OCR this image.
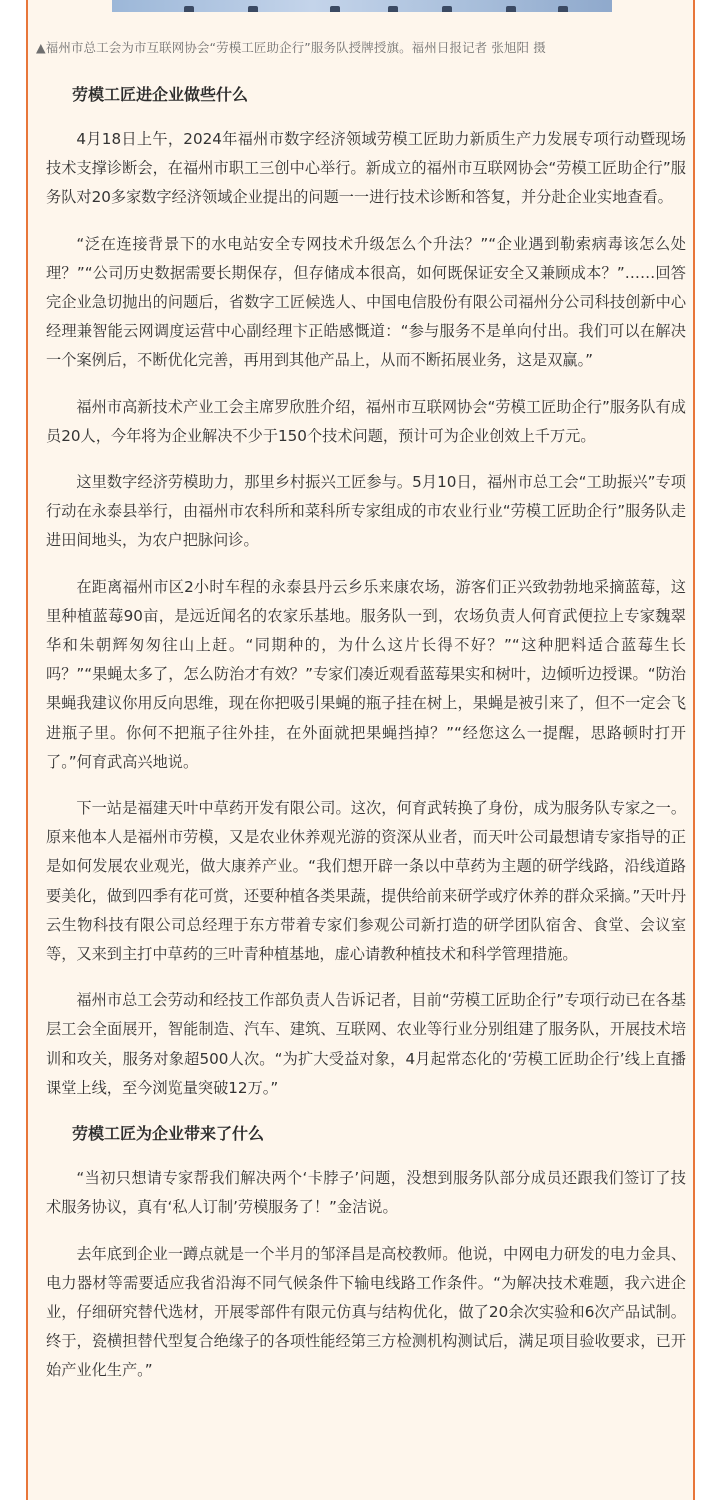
▲福州市总工会为市互联网协会“劳模工匠助企行”服务队授牌授旗。福州日报记者 张旭阳 摄
劳模工匠进企业做些什么

4月18日上午，2024年福州市数字经济领域劳模工匠助力新质生产力发展专项行动暨现场技术支撑诊断会，在福州市职工三创中心举行。新成立的福州市互联网协会“劳模工匠助企行”服务队对20多家数字经济领域企业提出的问题一一进行技术诊断和答复，并分赴企业实地查看。

“泛在连接背景下的水电站安全专网技术升级怎么个升法？”“企业遇到勒索病毒该怎么处理？”“公司历史数据需要长期保存，但存储成本很高，如何既保证安全又兼顾成本？”……回答完企业急切抛出的问题后，省数字工匠候选人、中国电信股份有限公司福州分公司科技创新中心经理兼智能云网调度运营中心副经理卞正皓感慨道：“参与服务不是单向付出。我们可以在解决一个案例后，不断优化完善，再用到其他产品上，从而不断拓展业务，这是双赢。”

福州市高新技术产业工会主席罗欣胜介绍，福州市互联网协会“劳模工匠助企行”服务队有成员20人，今年将为企业解决不少于150个技术问题，预计可为企业创效上千万元。

这里数字经济劳模助力，那里乡村振兴工匠参与。5月10日，福州市总工会“工助振兴”专项行动在永泰县举行，由福州市农科所和菜科所专家组成的市农业行业“劳模工匠助企行”服务队走进田间地头，为农户把脉问诊。

在距离福州市区2小时车程的永泰县丹云乡乐来康农场，游客们正兴致勃勃地采摘蓝莓，这里种植蓝莓90亩，是远近闻名的农家乐基地。服务队一到，农场负责人何育武便拉上专家魏翠华和朱朝辉匆匆往山上赶。“同期种的，为什么这片长得不好？”“这种肥料适合蓝莓生长吗？”“果蝇太多了，怎么防治才有效？”专家们凑近观看蓝莓果实和树叶，边倾听边授课。“防治果蝇我建议你用反向思维，现在你把吸引果蝇的瓶子挂在树上，果蝇是被引来了，但不一定会飞进瓶子里。你何不把瓶子往外挂，在外面就把果蝇挡掉？”“经您这么一提醒，思路顿时打开了。”何育武高兴地说。

下一站是福建天叶中草药开发有限公司。这次，何育武转换了身份，成为服务队专家之一。原来他本人是福州市劳模，又是农业休养观光游的资深从业者，而天叶公司最想请专家指导的正是如何发展农业观光，做大康养产业。“我们想开辟一条以中草药为主题的研学线路，沿线道路要美化，做到四季有花可赏，还要种植各类果蔬，提供给前来研学或疗休养的群众采摘。”天叶丹云生物科技有限公司总经理于东方带着专家们参观公司新打造的研学团队宿舍、食堂、会议室等，又来到主打中草药的三叶青种植基地，虚心请教种植技术和科学管理措施。

福州市总工会劳动和经技工作部负责人告诉记者，目前“劳模工匠助企行”专项行动已在各基层工会全面展开，智能制造、汽车、建筑、互联网、农业等行业分别组建了服务队，开展技术培训和攻关，服务对象超500人次。“为扩大受益对象，4月起常态化的‘劳模工匠助企行’线上直播课堂上线，至今浏览量突破12万。”

劳模工匠为企业带来了什么

“当初只想请专家帮我们解决两个‘卡脖子’问题，没想到服务队部分成员还跟我们签订了技术服务协议，真有‘私人订制’劳模服务了！”金洁说。

去年底到企业一蹲点就是一个半月的邹泽昌是高校教师。他说，中网电力研发的电力金具、电力器材等需要适应我省沿海不同气候条件下输电线路工作条件。“为解决技术难题，我六进企业，仔细研究替代选材，开展零部件有限元仿真与结构优化，做了20余次实验和6次产品试制。终于，瓷横担替代型复合绝缘子的各项性能经第三方检测机构测试后，满足项目验收要求，已开始产业化生产。”
